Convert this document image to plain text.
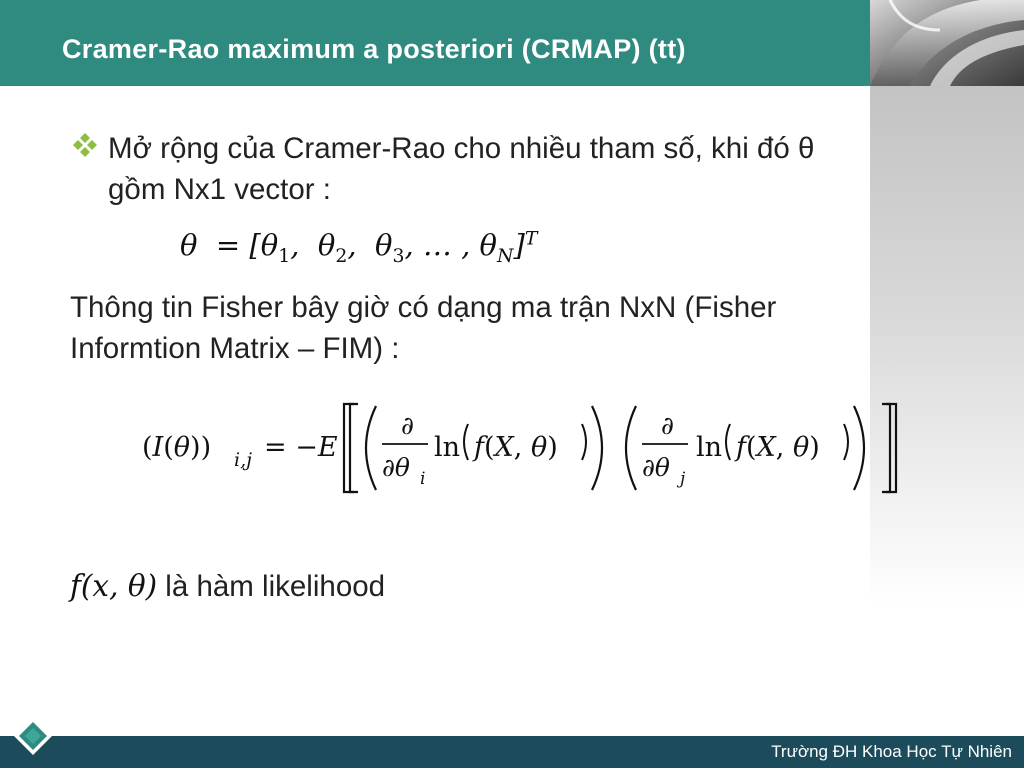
Cramer-Rao maximum a posteriori (CRMAP) (tt)
Mở rộng của Cramer-Rao cho nhiều tham số, khi đó θ
gồm Nx1 vector :
$\theta = [\theta_1$,  $\theta_2$,  $\theta_3$, … , $\theta_N]^T$
Thông tin Fisher bây giờ có dạng ma trận NxN (Fisher
Informtion Matrix – FIM) :
(I(θ)) i,j = −E
∂
∂θ i
ln f(X, θ)
∂
∂θ j
ln f(X, θ)
f(x, θ) là hàm likelihood
Trường ĐH Khoa Học Tự Nhiên
